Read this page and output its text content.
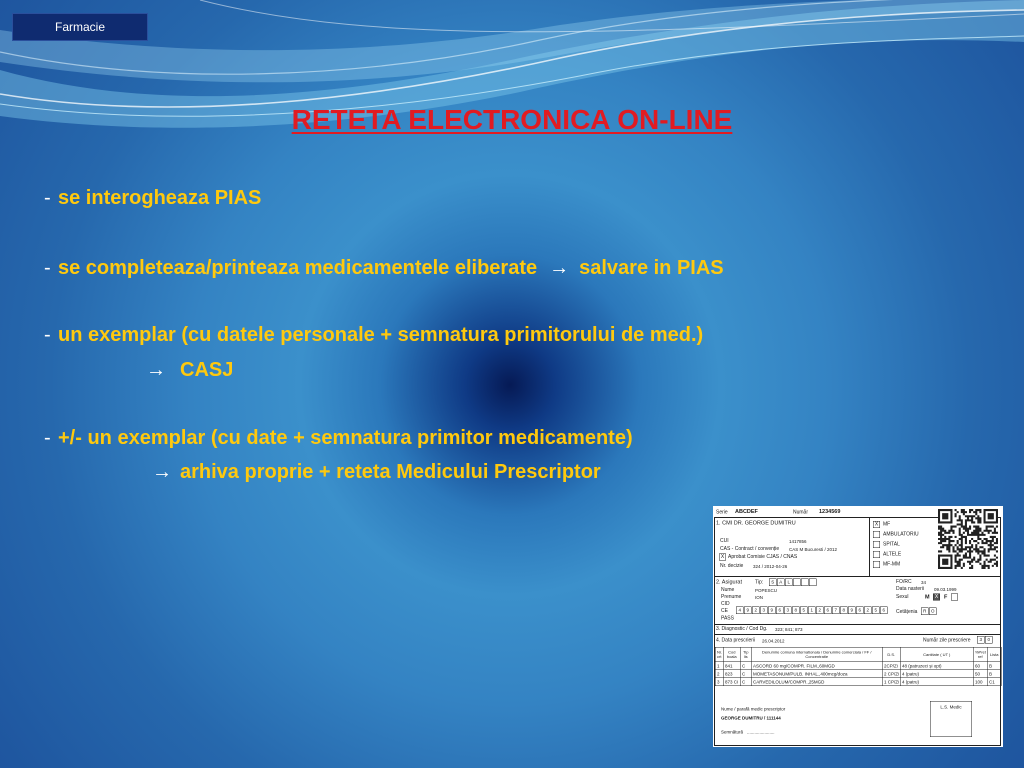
Farmacie
RETETA ELECTRONICA ON-LINE
- se interogheaza PIAS
- se completeaza/printeaza medicamentele eliberate → salvare in PIAS
- un exemplar (cu datele personale + semnatura primitorului de med.)
→ CASJ
- +/- un exemplar (cu date + semnatura primitor medicamente)
→ arhiva proprie + reteta Medicului Prescriptor
Serie ABCDEF	Număr 1234569
1. CMI DR. GEORGE DUMITRU
CUI	1417856
CAS - Contract / convenție CAS M Bucuresti / 2012
X Aprobat Comisie CJAS / CNAS
Nr. decizie 324 / 2012-04-26
X MF
AMBULATORIU
SPITAL
ALTELE
MF-MM
2. Asigurat Tip: S A L
Nume POPESCU
Prenume ION
CID
CE 4 9 2 3 9 6 3 8 5 1 2 6 7 8 9 6 2 5 6
PASS
FO/RC 34
Data nasterii 09.03.1999
Sexul M X F
Cetățenia R O
3. Diagnostic / Cod Dg. 323; 841; 873
4. Data prescrierii 26.04.2012	Număr zile prescriere 3 0
Nr. crt	Cod boala	Tip lis	Denumire comuna internationala / Denumire comerciala / FF / Concentratie	D.S.	Cantitate ( UT )	%Pret ref	Lista
1	841	C	ASCORD 60 mg/COMPR. FILM.,60MGD	2CP/Zi	48 (patruzeci și opt)	60	B
2	823	C	MOMETASONUM/PULB. INHAL.,400mcg/doza	2 CP/Zi	4 (patru)	50	B
3	873 CI	C	CARVEDILOLUM/COMPR.,25MGD	1 CP/Zi	4 (patru)	100	C1
Nume / parafă medic prescriptor
GEORGE DUMITRU / 111144
Semnătură ......................
L.S. Medic
